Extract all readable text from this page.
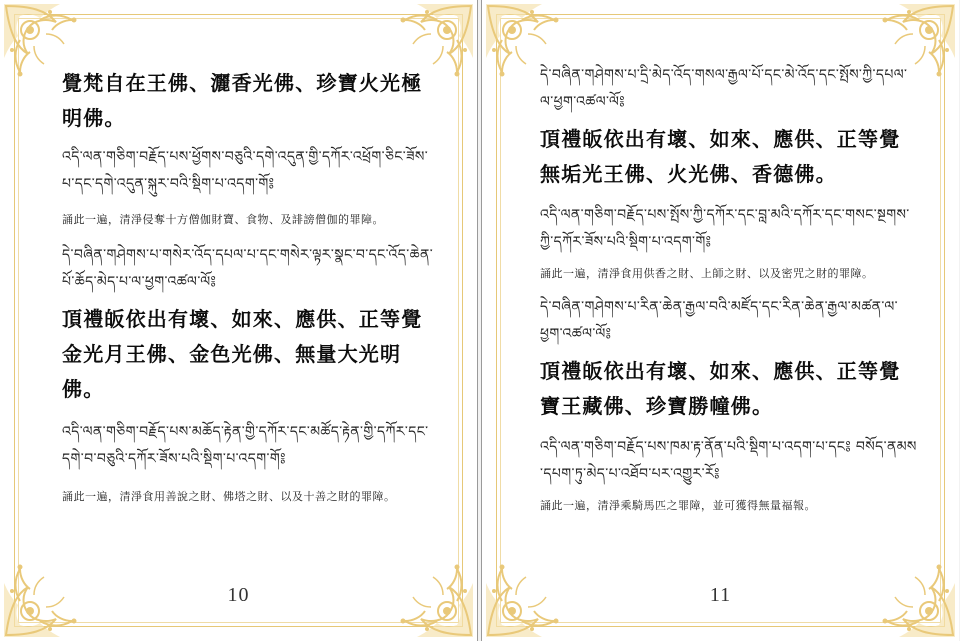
覺梵自在王佛、灑香光佛、珍寶火光極
明佛。
འདི་ལན་གཅིག་བརྗོད་པས་ཕྱོགས་བཅུའི་དགེ་འདུན་གྱི་དཀོར་འཕྲོག་ཅིང་ཟོས་པ་དང་དགེ་འདུན་སྐུར་བའི་སྡིག་པ་འདག་གོ༔
誦此一遍，清淨侵奪十方僧伽財寶、食物、及誹謗僧伽的罪障。
དེ་བཞིན་གཤེགས་པ་གསེར་འོད་དཔལ་པ་དང་གསེར་ལྟར་སྣང་བ་དང་འོད་ཆེན་པོ་ཆོད་མེད་པ་ལ་ཕྱག་འཚལ་ལོ༔
頂禮皈依出有壞、如來、應供、正等覺
金光月王佛、金色光佛、無量大光明佛。
འདི་ལན་གཅིག་བརྗོད་པས་མཆོད་རྟེན་གྱི་དཀོར་དང་མཚོད་རྟེན་གྱི་དཀོར་དང་དགེ་བ་བཅུའི་དཀོར་ཟོས་པའི་སྡིག་པ་འདག་གོ༔
誦此一遍，清淨食用善說之財、佛塔之財、以及十善之財的罪障。
10
དེ་བཞིན་གཤེགས་པ་དྲི་མེད་འོད་གསལ་རྒྱལ་པོ་དང་མེ་འོད་དང་སྤོས་ཀྱི་དཔལ་ལ་ཕྱག་འཚལ་ལོ༔
頂禮皈依出有壞、如來、應供、正等覺
無垢光王佛、火光佛、香德佛。
འདི་ལན་གཅིག་བརྗོད་པས་སྤོས་ཀྱི་དཀོར་དང་བླ་མའི་དཀོར་དང་གསང་སྔགས་ཀྱི་དཀོར་ཟོས་པའི་སྡིག་པ་འདག་གོ༔
誦此一遍，清淨食用供香之財、上師之財、以及密咒之財的罪障。
དེ་བཞིན་གཤེགས་པ་རིན་ཆེན་རྒྱལ་བའི་མཛོད་དང་རིན་ཆེན་རྒྱལ་མཚན་ལ་ཕྱག་འཚལ་ལོ༔
頂禮皈依出有壞、如來、應供、正等覺
寶王藏佛、珍寶勝幢佛。
འདི་ལན་གཅིག་བརྗོད་པས་ཁམ་རྟ་ནོན་པའི་སྡིག་པ་འདག་པ་དང༔ བསོད་ནམས་དཔག་ཏུ་མེད་པ་འཐོབ་པར་འགྱུར་རོ༔
誦此一遍，清淨乘騎馬匹之罪障，並可獲得無量福報。
11
